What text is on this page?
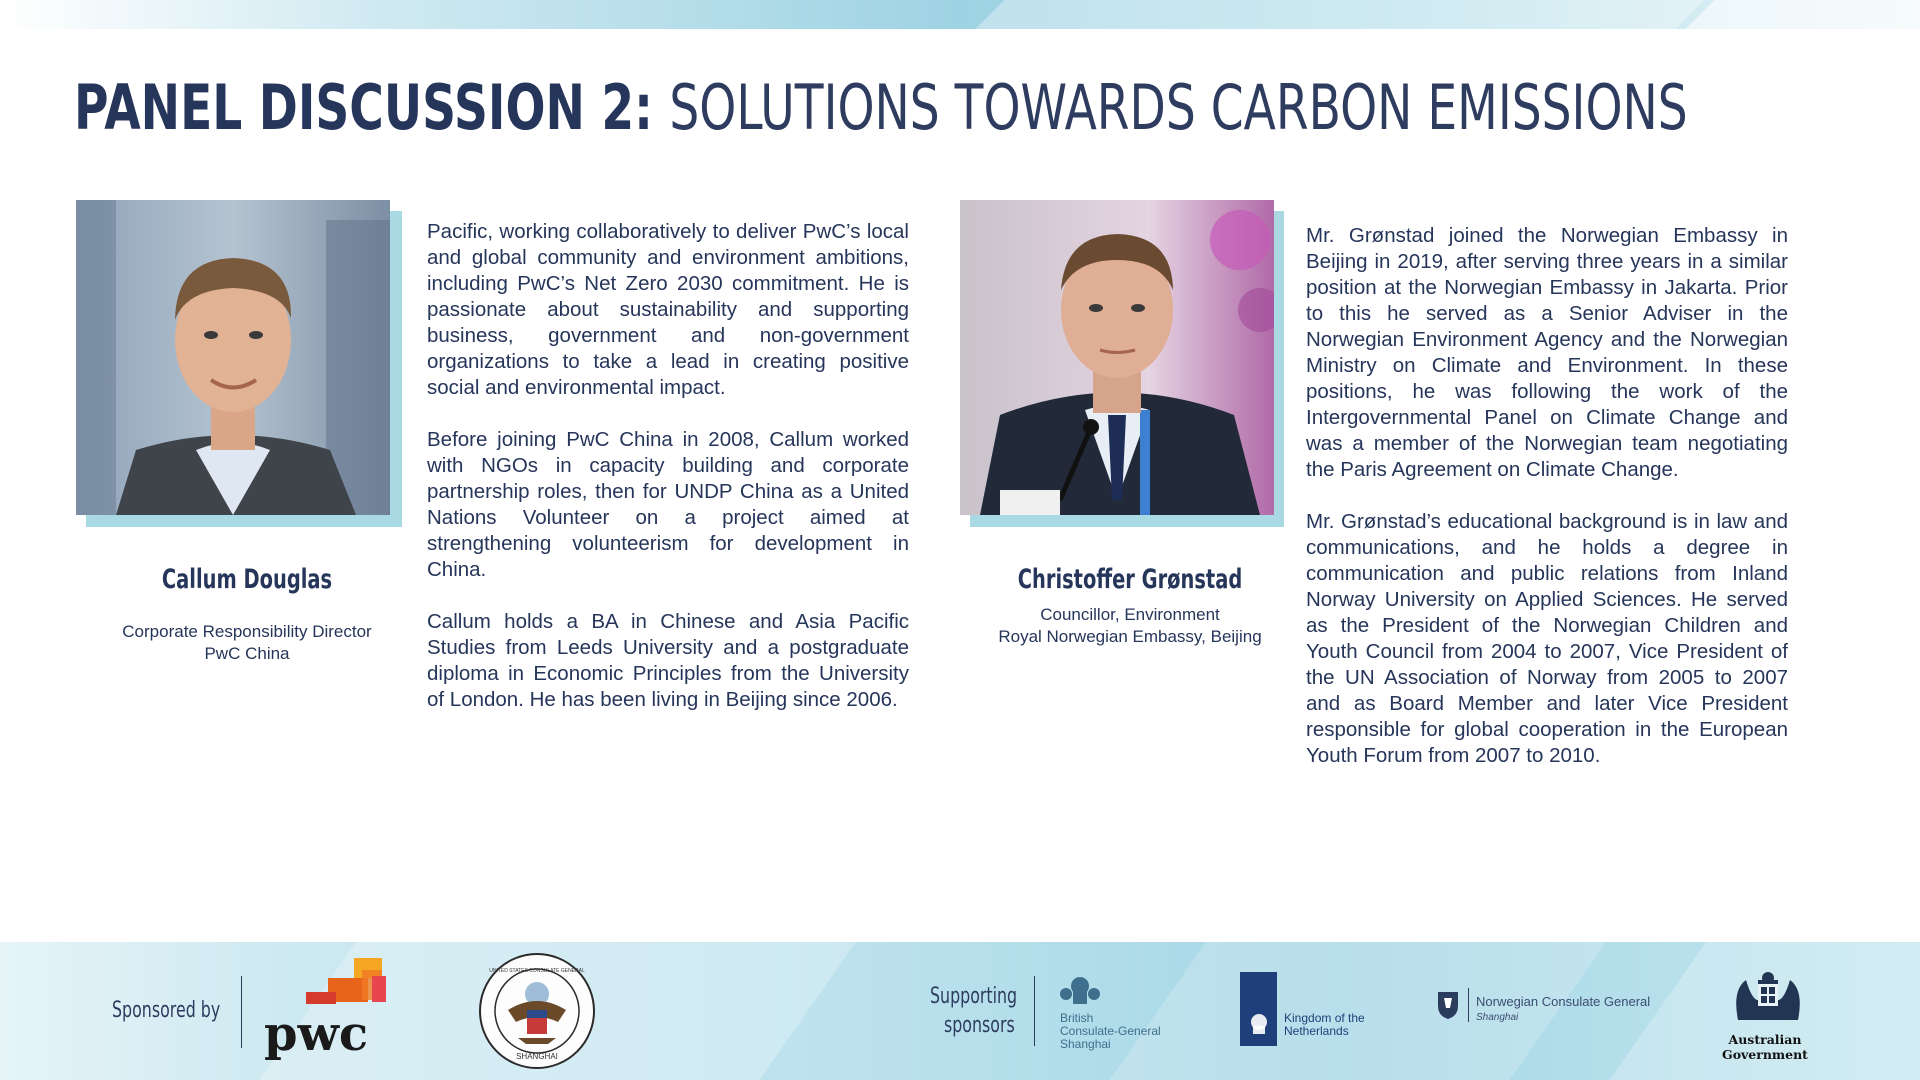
PANEL DISCUSSION 2: SOLUTIONS TOWARDS CARBON EMISSIONS
Callum Douglas
Corporate Responsibility Director
PwC China

Pacific, working collaboratively to deliver PwC’s local and global community and environment ambitions, including PwC’s Net Zero 2030 commitment. He is passionate about sustainability and supporting business, government and non-government organizations to take a lead in creating positive social and environmental impact.

Before joining PwC China in 2008, Callum worked with NGOs in capacity building and corporate partnership roles, then for UNDP China as a United Nations Volunteer on a project aimed at strengthening volunteerism for development in China.

Callum holds a BA in Chinese and Asia Pacific Studies from Leeds University and a postgraduate diploma in Economic Principles from the University of London. He has been living in Beijing since 2006.

Christoffer Grønstad
Councillor, Environment
Royal Norwegian Embassy, Beijing

Mr. Grønstad joined the Norwegian Embassy in Beijing in 2019, after serving three years in a similar position at the Norwegian Embassy in Jakarta. Prior to this he served as a Senior Adviser in the Norwegian Environment Agency and the Norwegian Ministry on Climate and Environment. In these positions, he was following the work of the Intergovernmental Panel on Climate Change and was a member of the Norwegian team negotiating the Paris Agreement on Climate Change.

Mr. Grønstad’s educational background is in law and communications, and he holds a degree in communication and public relations from Inland Norway University on Applied Sciences. He served as the President of the Norwegian Children and Youth Council from 2004 to 2007, Vice President of the UN Association of Norway from 2005 to 2007 and as Board Member and later Vice President responsible for global cooperation in the European Youth Forum from 2007 to 2010.

Sponsored by pwc
UNITED STATES CONSULATE GENERAL
SHANGHAI
Supporting
sponsors	British
Consulate-General
Shanghai
Kingdom of the
Netherlands
Norwegian Consulate General
Shanghai
Australian Government
